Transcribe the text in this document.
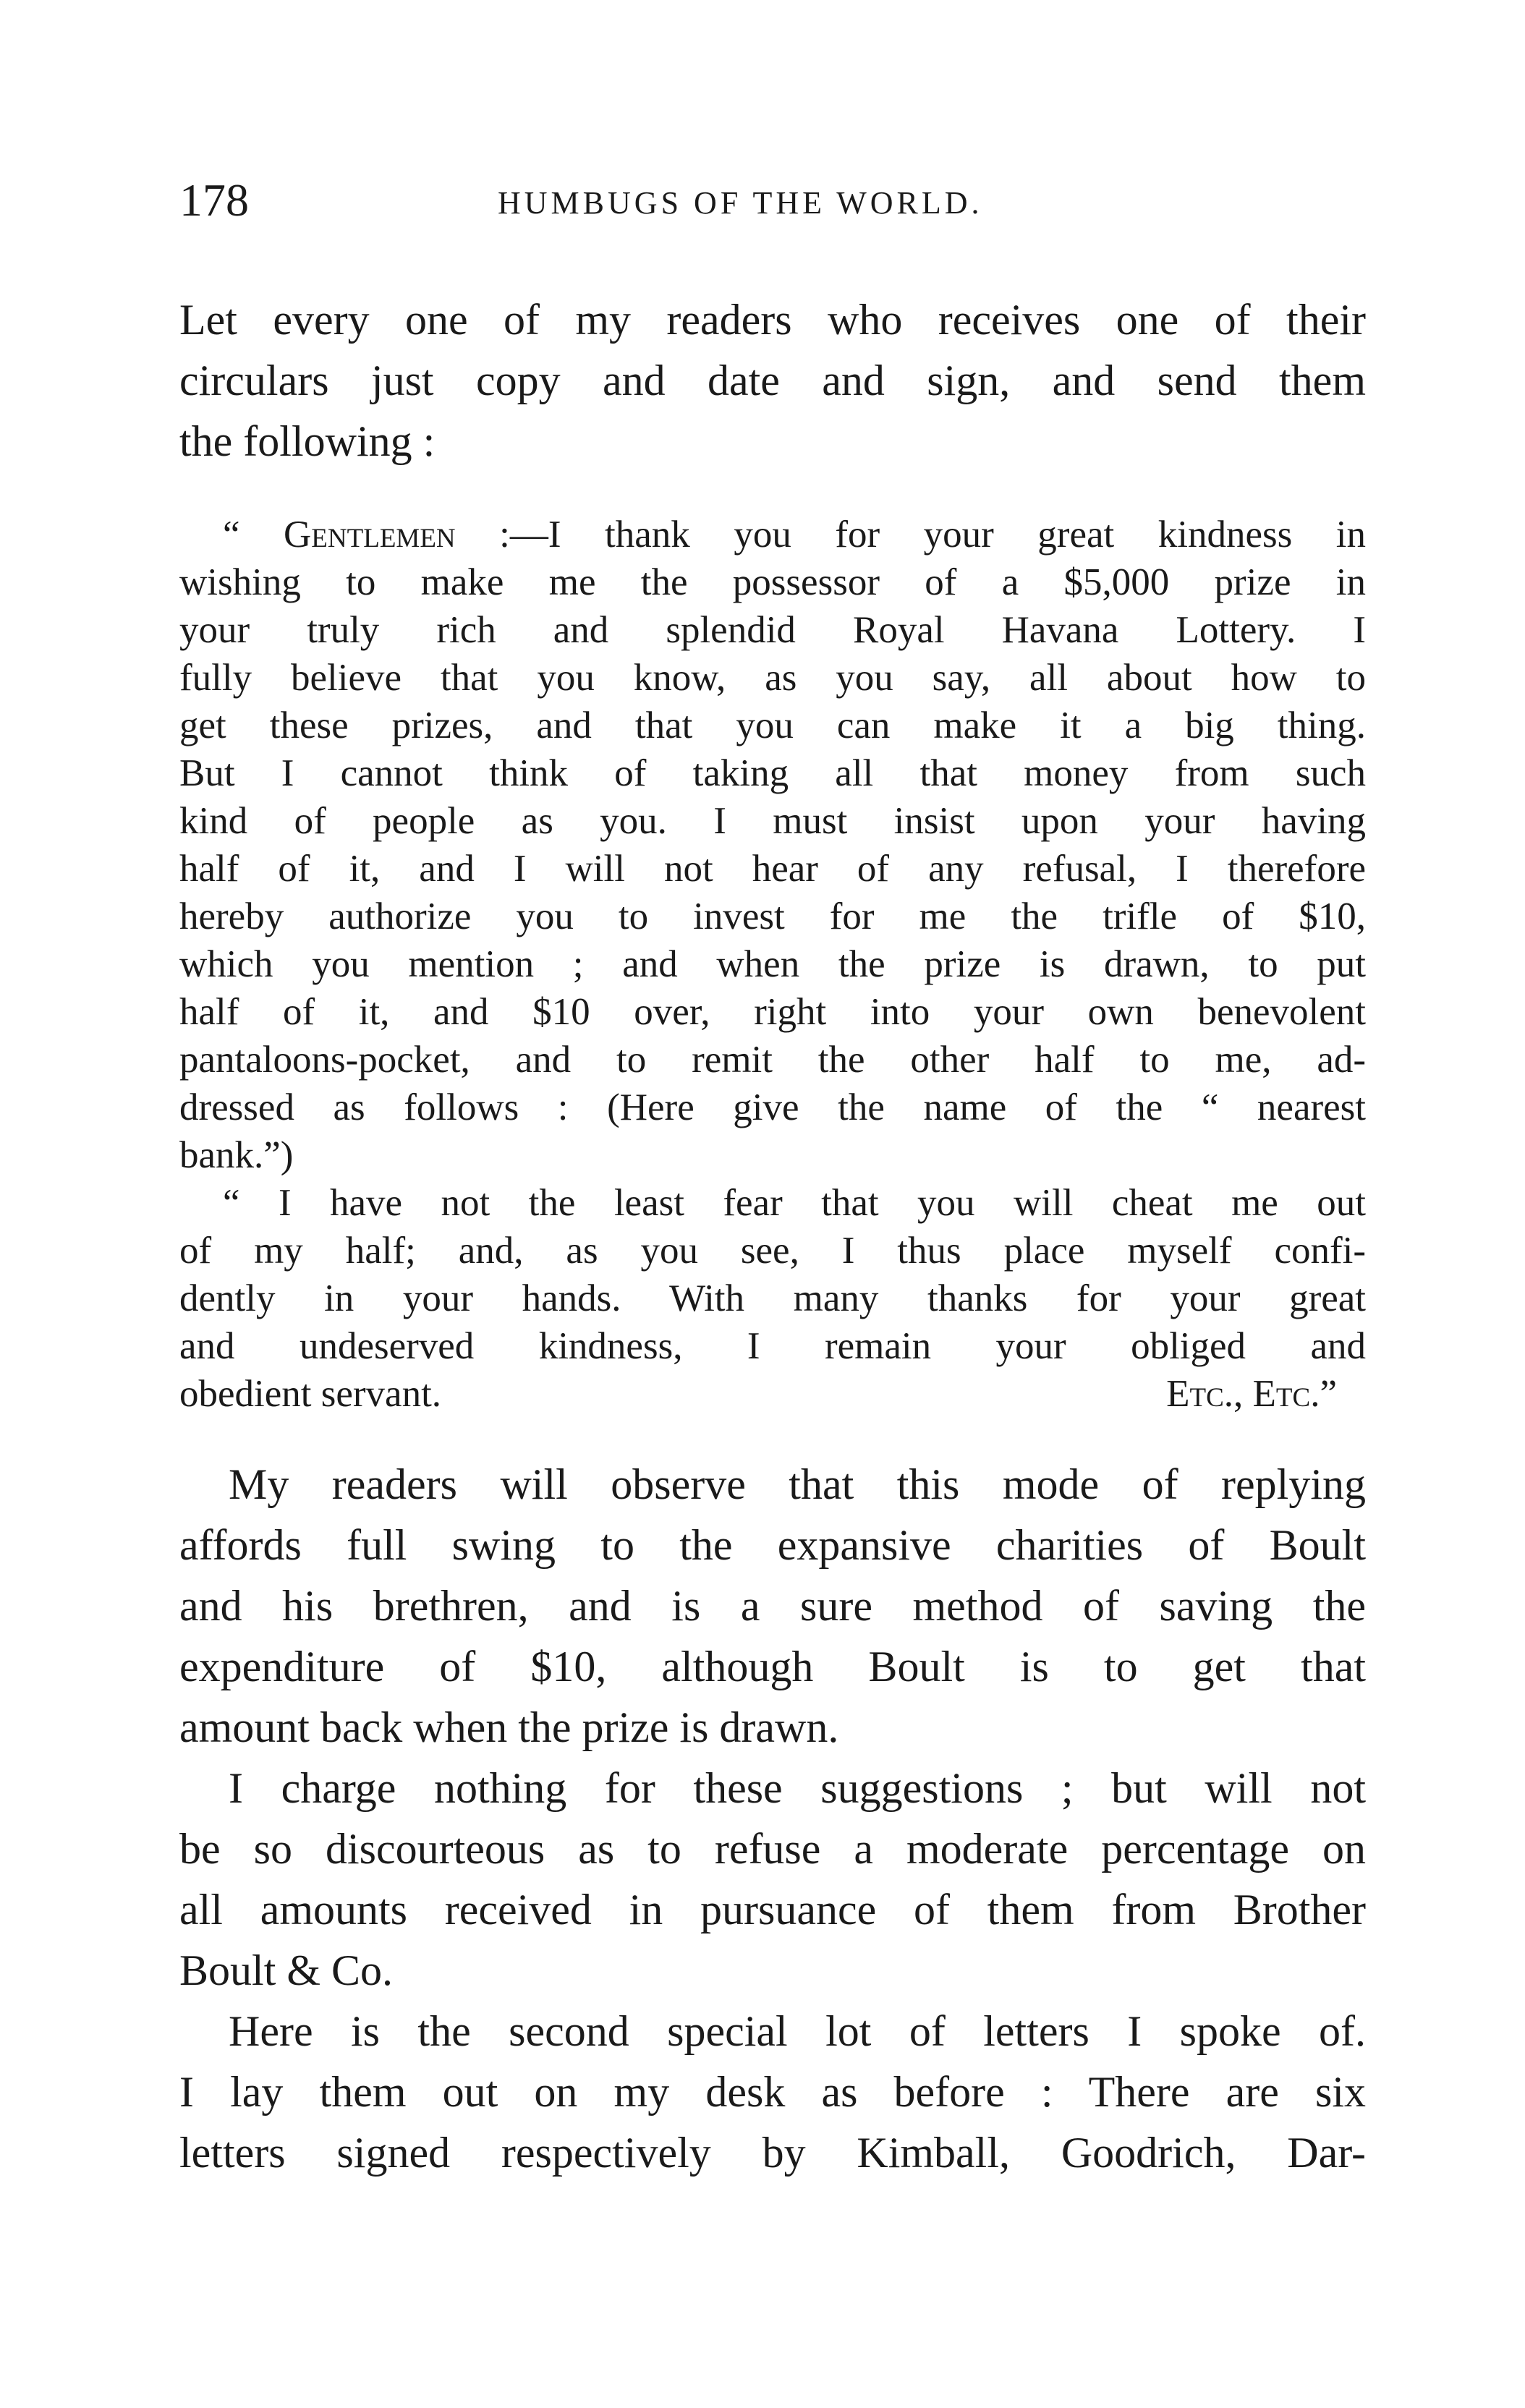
178	HUMBUGS OF THE WORLD.
Let every one of my readers who receives one of their
circulars just copy and date and sign, and send them
the following :
“ Gentlemen :—I thank you for your great kindness in
wishing to make me the possessor of a $5,000 prize in
your truly rich and splendid Royal Havana Lottery. I
fully believe that you know, as you say, all about how to
get these prizes, and that you can make it a big thing.
But I cannot think of taking all that money from such
kind of people as you. I must insist upon your having
half of it, and I will not hear of any refusal, I therefore
hereby authorize you to invest for me the trifle of $10,
which you mention ; and when the prize is drawn, to put
half of it, and $10 over, right into your own benevolent
pantaloons-pocket, and to remit the other half to me, ad-
dressed as follows : (Here give the name of the “ nearest
bank.”)
“ I have not the least fear that you will cheat me out
of my half; and, as you see, I thus place myself confi-
dently in your hands. With many thanks for your great
and undeserved kindness, I remain your obliged and
obedient servant.	Etc., Etc.”
My readers will observe that this mode of replying
affords full swing to the expansive charities of Boult
and his brethren, and is a sure method of saving the
expenditure of $10, although Boult is to get that
amount back when the prize is drawn.
I charge nothing for these suggestions ; but will not
be so discourteous as to refuse a moderate percentage on
all amounts received in pursuance of them from Brother
Boult & Co.
Here is the second special lot of letters I spoke of.
I lay them out on my desk as before : There are six
letters signed respectively by Kimball, Goodrich, Dar-
